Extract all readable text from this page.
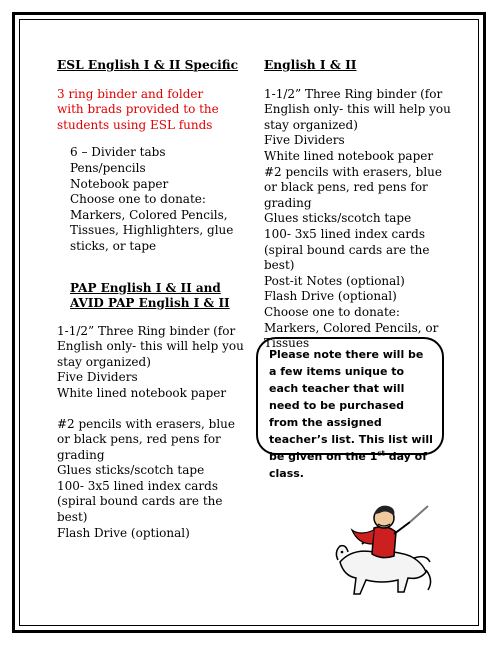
ESL English I & II Specific
3 ring binder and folder with brads provided to the students using ESL funds
6 – Divider tabs
Pens/pencils
Notebook paper
Choose one to donate:
Markers, Colored Pencils, Tissues, Highlighters, glue sticks, or tape
PAP English I & II and
AVID PAP English I & II
1-1/2” Three Ring binder (for English only- this will help you stay organized)
Five Dividers
White lined notebook paper
#2 pencils with erasers, blue or black pens, red pens for grading
Glues sticks/scotch tape
100- 3x5 lined index cards (spiral bound cards are the best)
Flash Drive (optional)
English I & II
1-1/2” Three Ring binder (for English only- this will help you stay organized)
Five Dividers
White lined notebook paper
#2 pencils with erasers, blue or black pens, red pens for grading
Glues sticks/scotch tape
100- 3x5 lined index cards (spiral bound cards are the best)
Post-it Notes (optional)
Flash Drive (optional)
Choose one to donate:
Markers, Colored Pencils, or Tissues
Please note there will be a few items unique to each teacher that will need to be purchased from the assigned teacher’s list. This list will be given on the 1st day of class.
